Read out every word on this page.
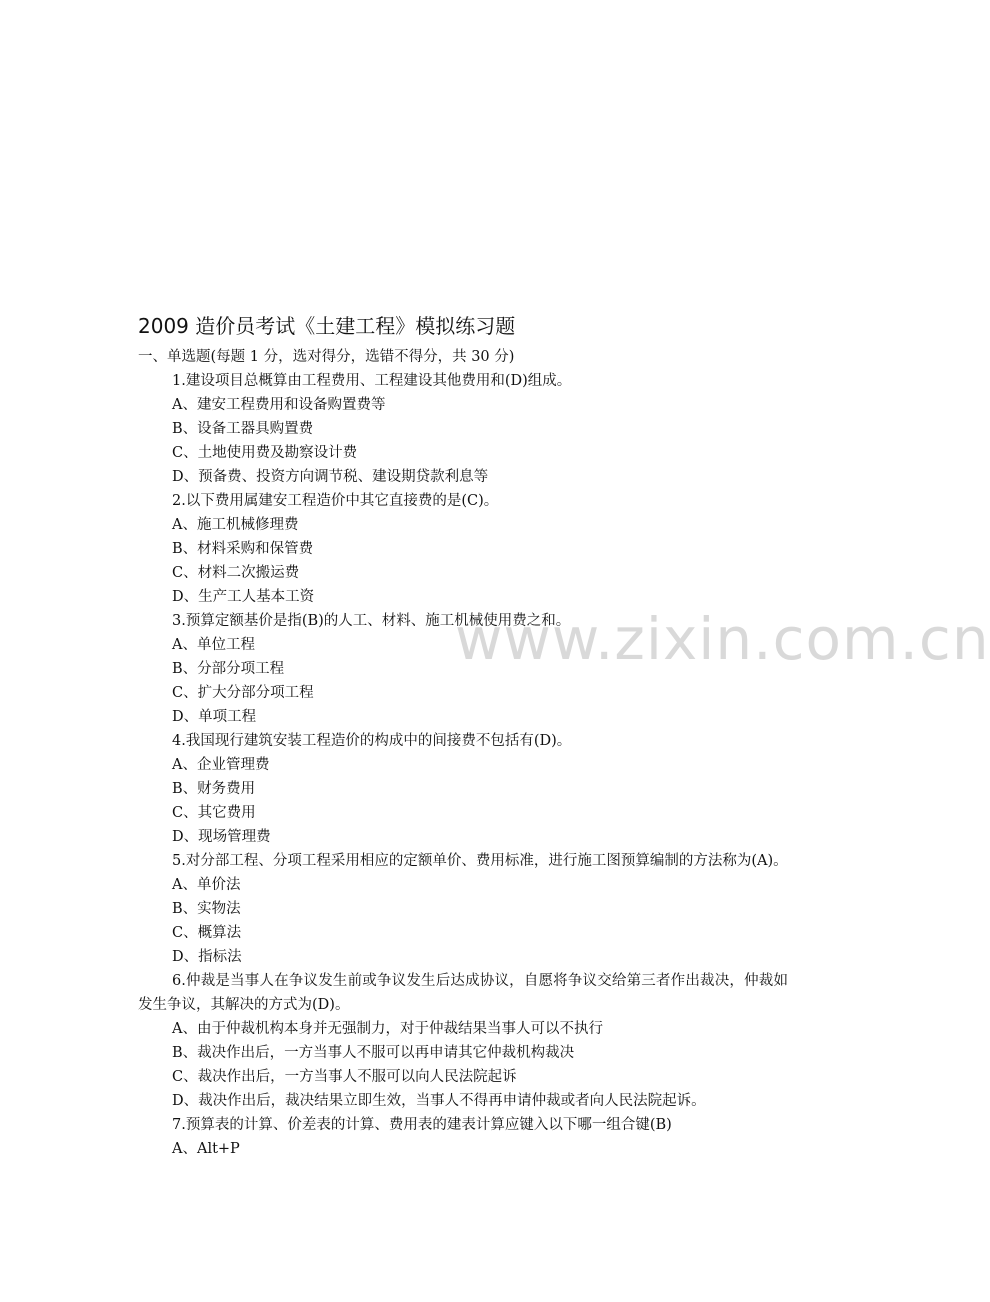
www.zixin.com.cn
2009 造价员考试《土建工程》模拟练习题
一、单选题(每题 1 分，选对得分，选错不得分，共 30 分)
1.建设项目总概算由工程费用、工程建设其他费用和(D)组成。
A、建安工程费用和设备购置费等
B、设备工器具购置费
C、土地使用费及勘察设计费
D、预备费、投资方向调节税、建设期贷款利息等
2.以下费用属建安工程造价中其它直接费的是(C)。
A、施工机械修理费
B、材料采购和保管费
C、材料二次搬运费
D、生产工人基本工资
3.预算定额基价是指(B)的人工、材料、施工机械使用费之和。
A、单位工程
B、分部分项工程
C、扩大分部分项工程
D、单项工程
4.我国现行建筑安装工程造价的构成中的间接费不包括有(D)。
A、企业管理费
B、财务费用
C、其它费用
D、现场管理费
5.对分部工程、分项工程采用相应的定额单价、费用标准，进行施工图预算编制的方法称为(A)。
A、单价法
B、实物法
C、概算法
D、指标法
6.仲裁是当事人在争议发生前或争议发生后达成协议，自愿将争议交给第三者作出裁决，仲裁如发生争议，其解决的方式为(D)。
A、由于仲裁机构本身并无强制力，对于仲裁结果当事人可以不执行
B、裁决作出后，一方当事人不服可以再申请其它仲裁机构裁决
C、裁决作出后，一方当事人不服可以向人民法院起诉
D、裁决作出后，裁决结果立即生效，当事人不得再申请仲裁或者向人民法院起诉。
7.预算表的计算、价差表的计算、费用表的建表计算应键入以下哪一组合键(B)
A、Alt+P
